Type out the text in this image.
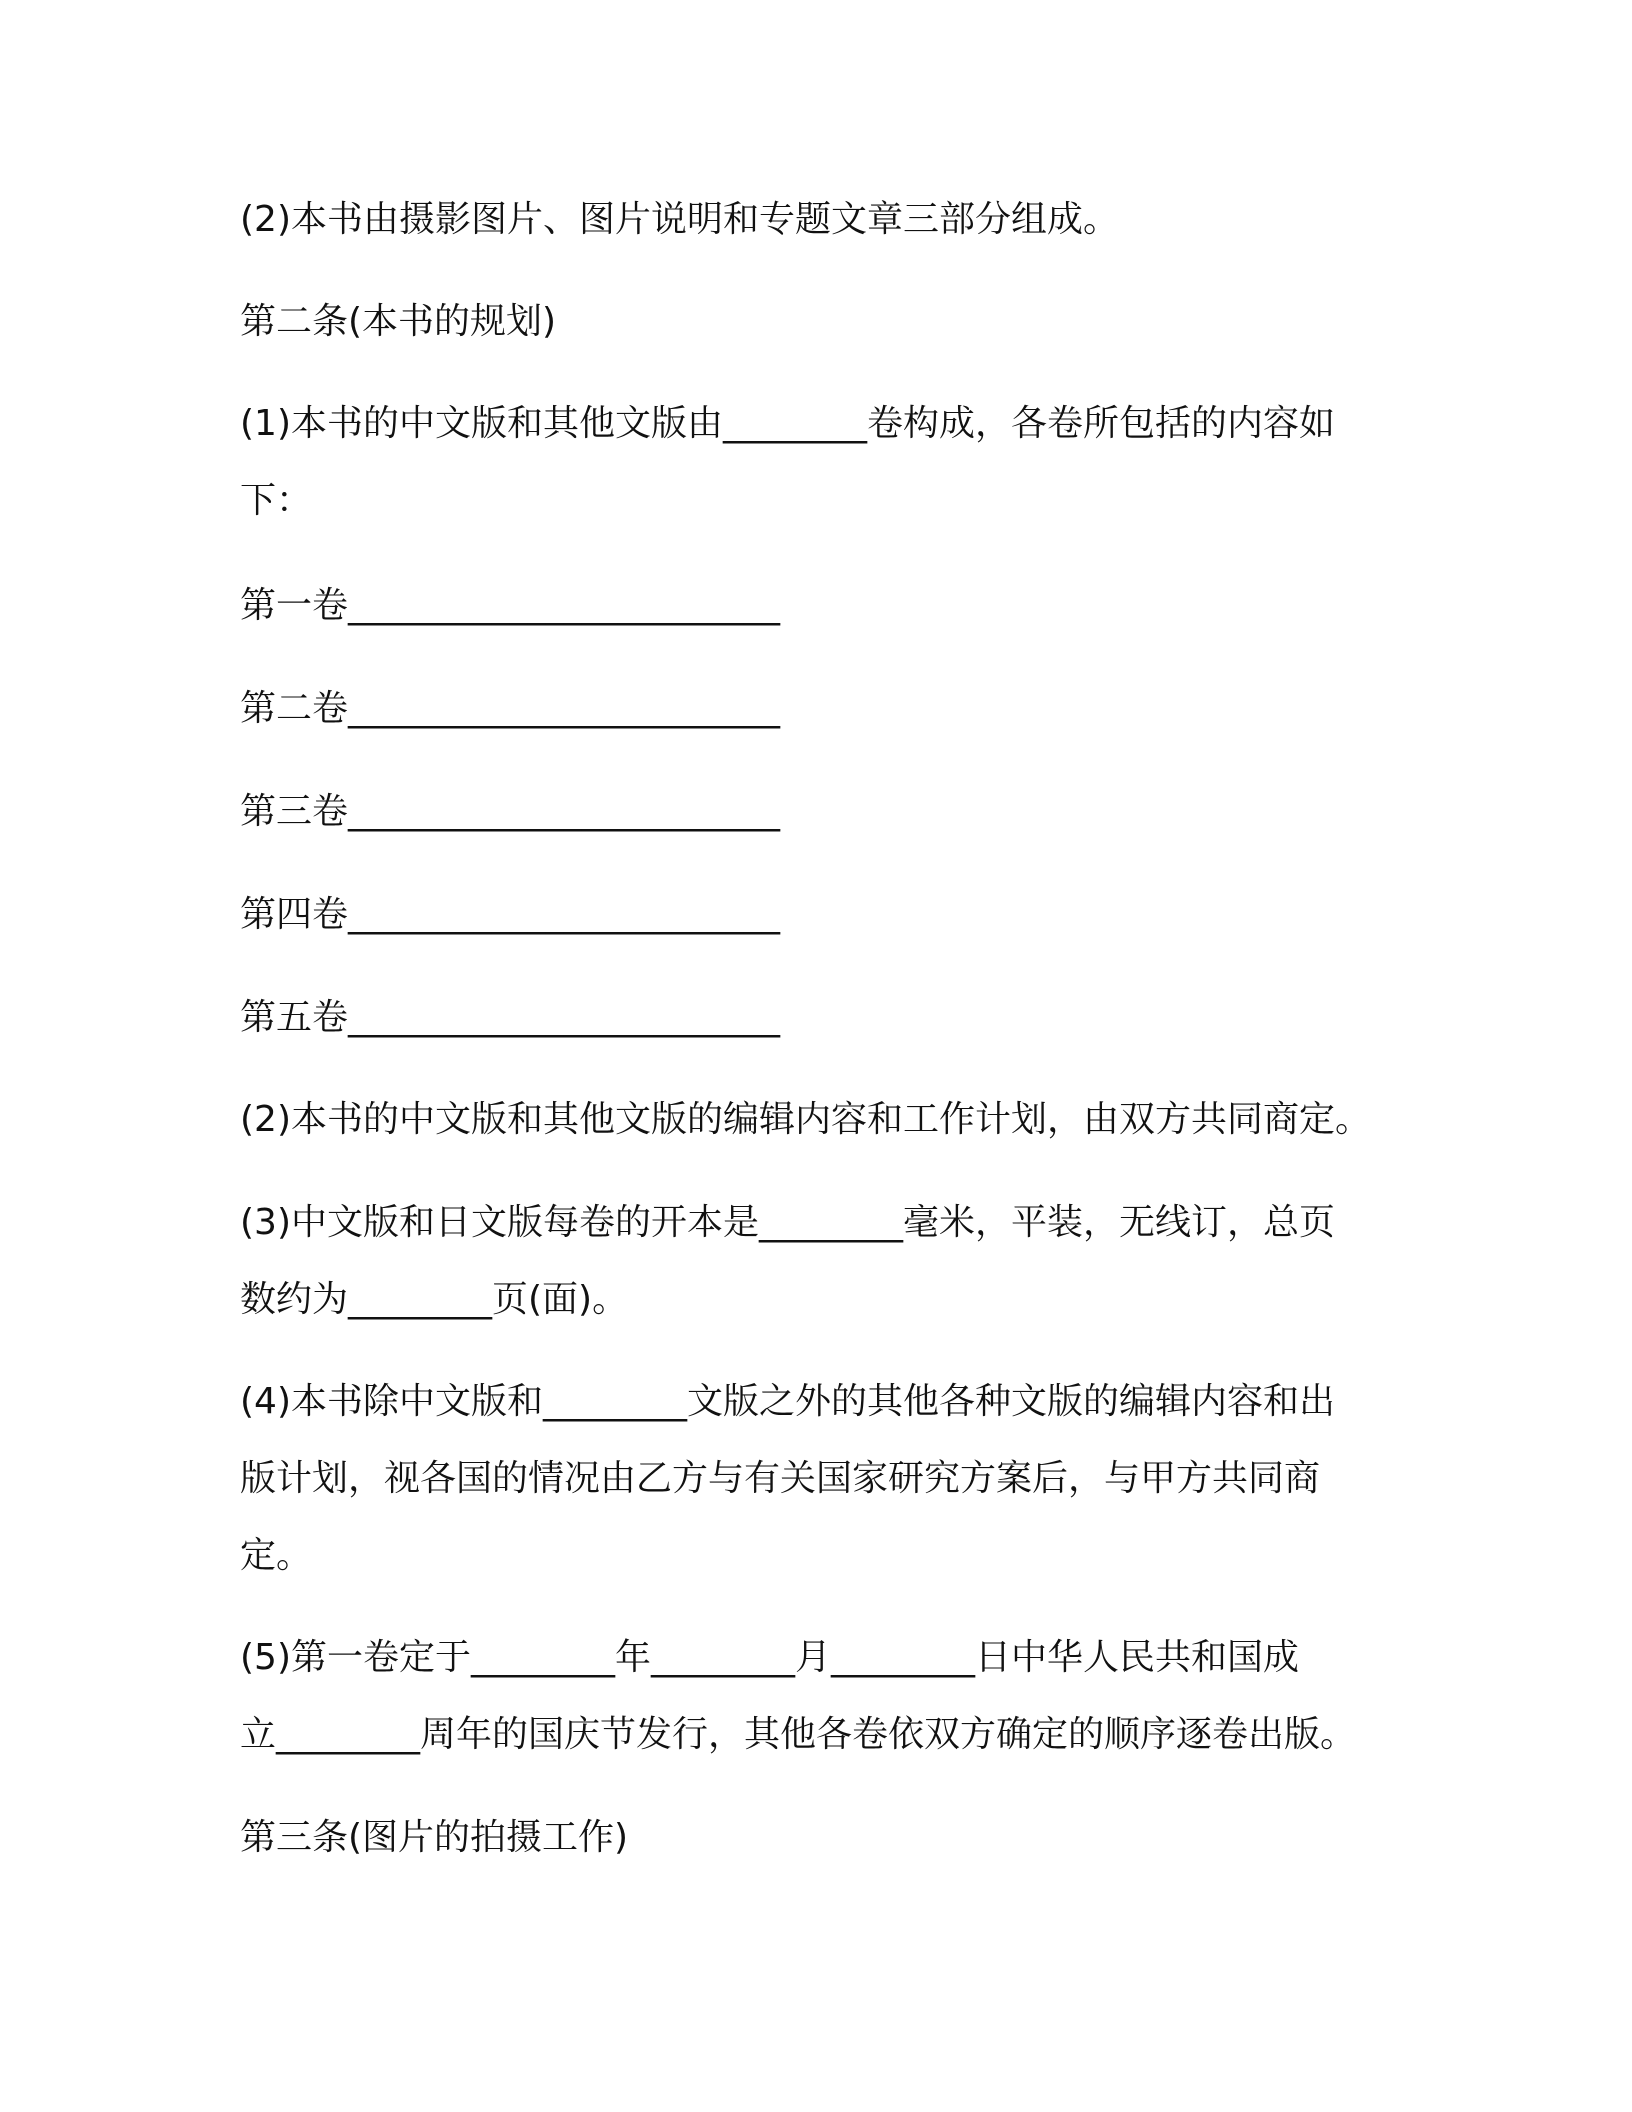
(2)本书由摄影图片、图片说明和专题文章三部分组成。
第二条(本书的规划)
(1)本书的中文版和其他文版由________卷构成，各卷所包括的内容如
下：
第一卷________________________
第二卷________________________
第三卷________________________
第四卷________________________
第五卷________________________
(2)本书的中文版和其他文版的编辑内容和工作计划，由双方共同商定。
(3)中文版和日文版每卷的开本是________毫米，平装，无线订，总页
数约为________页(面)。
(4)本书除中文版和________文版之外的其他各种文版的编辑内容和出
版计划，视各国的情况由乙方与有关国家研究方案后，与甲方共同商
定。
(5)第一卷定于________年________月________日中华人民共和国成
立________周年的国庆节发行，其他各卷依双方确定的顺序逐卷出版。
第三条(图片的拍摄工作)
